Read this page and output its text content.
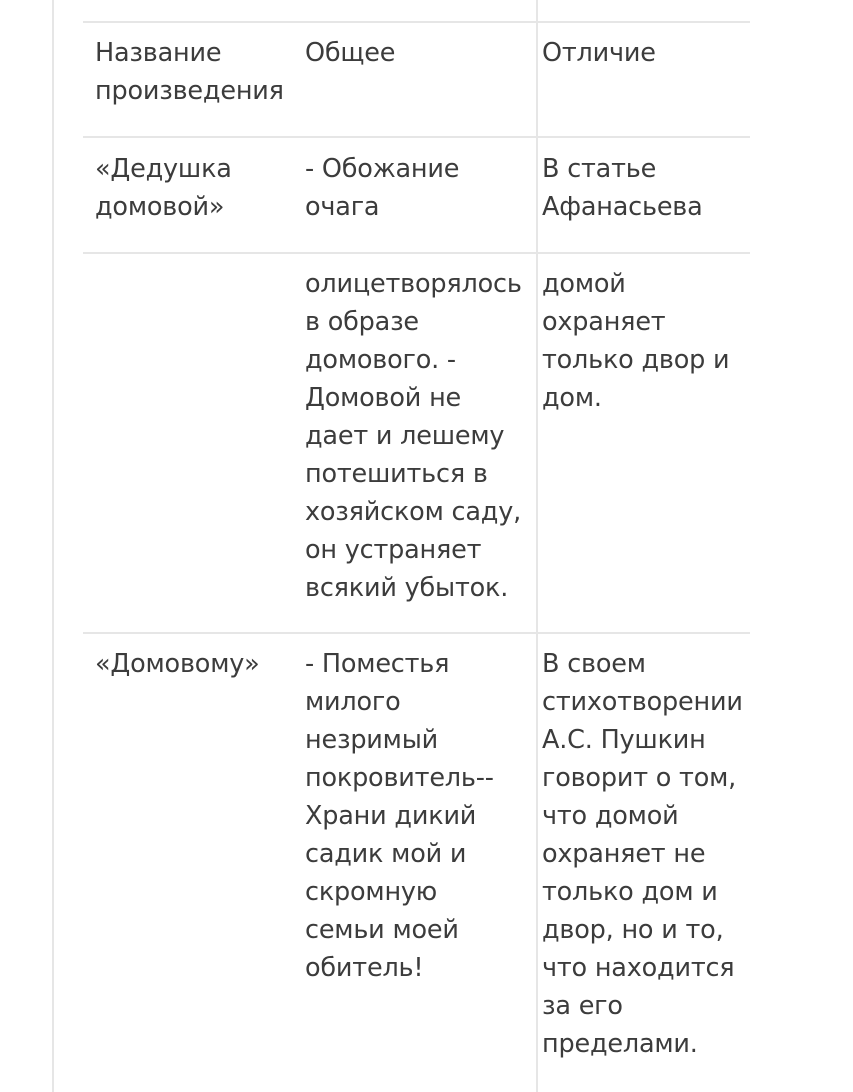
Название
произведения
Общее	Отличие
«Дедушка
домовой»
- Обожание
очага
В статье
Афанасьева
олицетворялось
в образе
домового. -
Домовой не
дает и лешему
потешиться в
хозяйском саду,
он устраняет
всякий убыток.
домой
охраняет
только двор и
дом.
«Домовому»	- Поместья
милого
незримый
покровитель--
Храни дикий
садик мой и
скромную
семьи моей
обитель!
В своем
стихотворении
А.С. Пушкин
говорит о том,
что домой
охраняет не
только дом и
двор, но и то,
что находится
за его
пределами.
